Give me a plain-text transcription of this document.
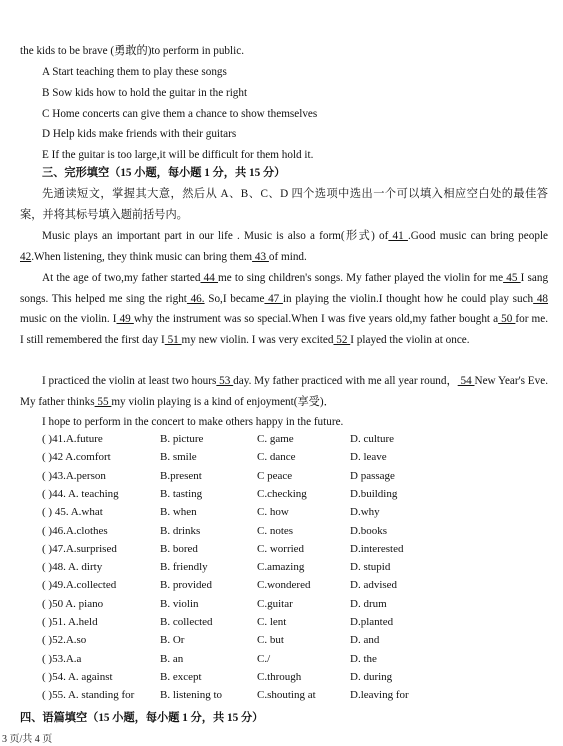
the kids to be brave (勇敢的)to perform in public.
A Start teaching them to play these songs
B Sow kids how to hold the guitar in the right
C Home concerts can give them a chance to show themselves
D Help kids make friends with their guitars
E If the guitar is too large,it will be difficult for them hold it.
三、完形填空（15 小题，每小题 1 分，共 15 分）
先通读短文，掌握其大意，然后从 A、B、C、D 四个选项中选出一个可以填入相应空白处的最佳答案，并将其标号填入题前括号内。
Music plays an important part in our life . Music is also a form(形式) of 41 .Good music can bring people 42.When listening, they think music can bring them 43 of mind.
At the age of two,my father started 44 me to sing children's songs. My father played the violin for me 45 I sang songs. This helped me sing the right 46. So,I became 47 in playing the violin.I thought how he could play such 48 music on the violin. I 49 why the instrument was so special.When I was five years old,my father bought a 50 for me. I still remembered the first day I 51 my new violin. I was very excited 52 I played the violin at once.
I practiced the violin at least two hours 53 day. My father practiced with me all year round， 54 New Year's Eve. My father thinks 55 my violin playing is a kind of enjoyment(享受)．
I hope to perform in the concert to make others happy in the future.
( )41.A.future	B. picture	C. game	D. culture
( )42 A.comfort	B. smile	C. dance	D. leave
( )43.A.person	B.present	C peace	D passage
( )44. A. teaching	B. tasting	C.checking	D.building
( ) 45. A.what	B. when	C. how	D.why
( )46.A.clothes	B. drinks	C. notes	D.books
( )47.A.surprised	B. bored	C. worried	D.interested
( )48. A. dirty	B. friendly	C.amazing	D. stupid
( )49.A.collected	B. provided	C.wondered	D. advised
( )50 A. piano	B. violin	C.guitar	D. drum
( )51. A.held	B. collected	C. lent	D.planted
( )52.A.so	B. Or	C. but	D. and
( )53.A.a	B. an	C./	D. the
( )54. A. against	B. except	C.through	D. during
( )55. A. standing for B. listening to	C.shouting at	D.leaving for
四、语篇填空（15 小题，每小题 1 分，共 15 分）
3 页/共 4 页
